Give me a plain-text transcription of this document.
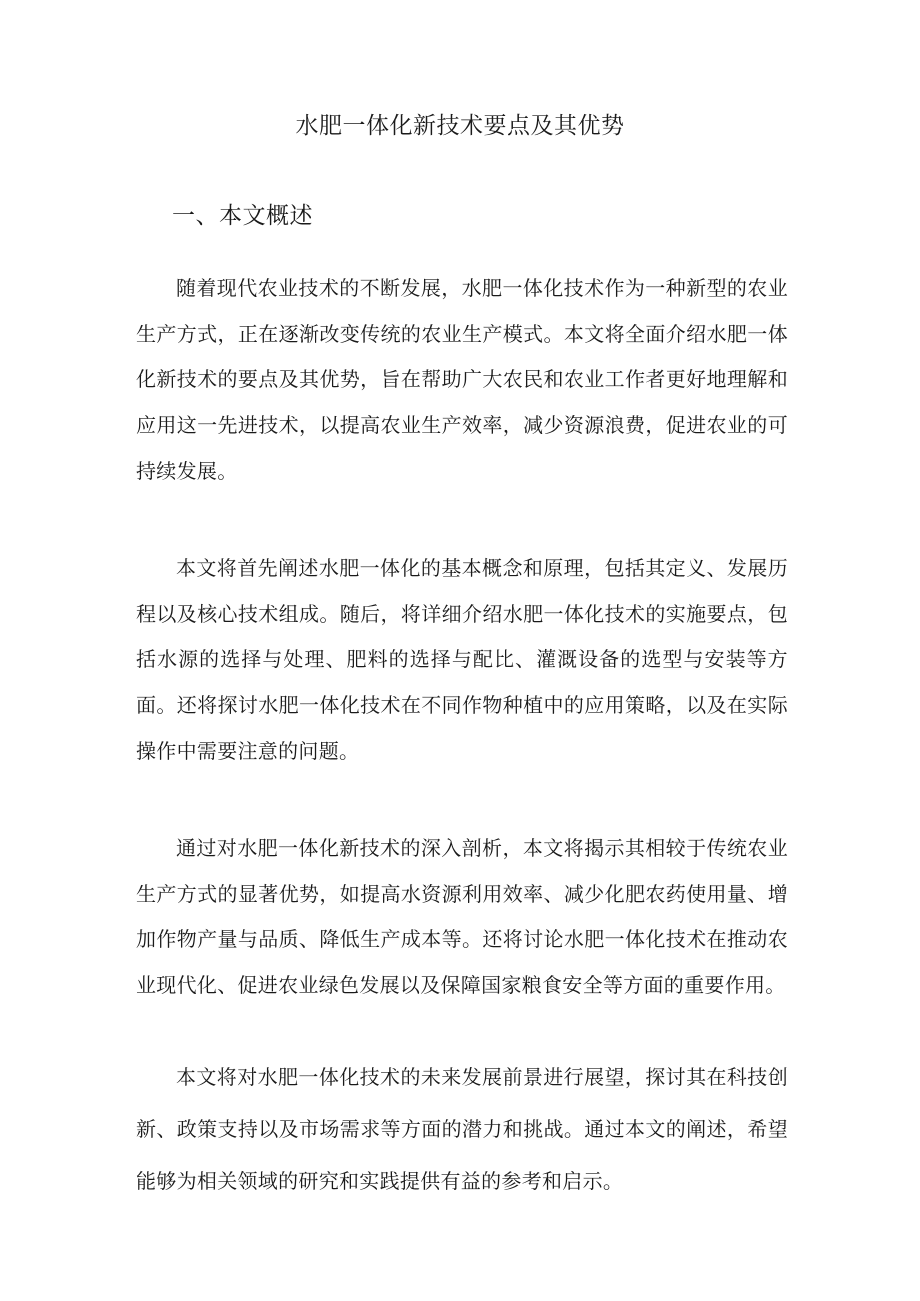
水肥一体化新技术要点及其优势
一、本文概述

随着现代农业技术的不断发展，水肥一体化技术作为一种新型的农业生产方式，正在逐渐改变传统的农业生产模式。本文将全面介绍水肥一体化新技术的要点及其优势，旨在帮助广大农民和农业工作者更好地理解和应用这一先进技术，以提高农业生产效率，减少资源浪费，促进农业的可持续发展。

本文将首先阐述水肥一体化的基本概念和原理，包括其定义、发展历程以及核心技术组成。随后，将详细介绍水肥一体化技术的实施要点，包括水源的选择与处理、肥料的选择与配比、灌溉设备的选型与安装等方面。还将探讨水肥一体化技术在不同作物种植中的应用策略，以及在实际操作中需要注意的问题。

通过对水肥一体化新技术的深入剖析，本文将揭示其相较于传统农业生产方式的显著优势，如提高水资源利用效率、减少化肥农药使用量、增加作物产量与品质、降低生产成本等。还将讨论水肥一体化技术在推动农业现代化、促进农业绿色发展以及保障国家粮食安全等方面的重要作用。

本文将对水肥一体化技术的未来发展前景进行展望，探讨其在科技创新、政策支持以及市场需求等方面的潜力和挑战。通过本文的阐述，希望能够为相关领域的研究和实践提供有益的参考和启示。
